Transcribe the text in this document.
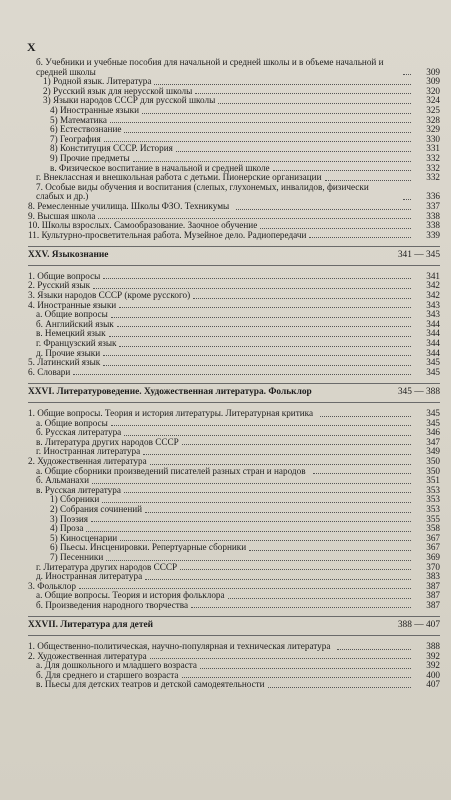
X
б. Учебники и учебные пособия для начальной и средней школы и в объеме начальной и средней школы	309
1) Родной язык. Литература	309
2) Русский язык для нерусской школы	320
3) Языки народов СССР для русской школы	324
4) Иностранные языки	325
5) Математика	328
6) Естествознание	329
7) География	330
8) Конституция СССР. История	331
9) Прочие предметы	332
в. Физическое воспитание в начальной и средней школе	332
г. Внеклассная и внешкольная работа с детьми. Пионерские организации	332
7. Особые виды обучения и воспитания (слепых, глухонемых, инвалидов, физически слабых и др.)	336
8. Ремесленные училища. Школы ФЗО. Техникумы	337
9. Высшая школа	338
10. Школы взрослых. Самообразование. Заочное обучение	338
11. Культурно-просветительная работа. Музейное дело. Радиопередачи	339
XXV. Языкознание	341 — 345
1. Общие вопросы	341
2. Русский язык	342
3. Языки народов СССР (кроме русского)	342
4. Иностранные языки	343
а. Общие вопросы	343
б. Английский язык	344
в. Немецкий язык	344
г. Французский язык	344
д. Прочие языки	344
5. Латинский язык	345
6. Словари	345
XXVI. Литературоведение. Художественная литература. Фольклор	345 — 388
1. Общие вопросы. Теория и история литературы. Литературная критика	345
а. Общие вопросы	345
б. Русская литература	346
в. Литература других народов СССР	347
г. Иностранная литература	349
2. Художественная литература	350
а. Общие сборники произведений писателей разных стран и народов	350
б. Альманахи	351
в. Русская литература	353
1) Сборники	353
2) Собрания сочинений	353
3) Поэзия	355
4) Проза	358
5) Киносценарии	367
6) Пьесы. Инсценировки. Репертуарные сборники	367
7) Песенники	369
г. Литература других народов СССР	370
д. Иностранная литература	383
3. Фольклор	387
а. Общие вопросы. Теория и история фольклора	387
б. Произведения народного творчества	387
XXVII. Литература для детей	388 — 407
1. Общественно-политическая, научно-популярная и техническая литература	388
2. Художественная литература	392
а. Для дошкольного и младшего возраста	392
б. Для среднего и старшего возраста	400
в. Пьесы для детских театров и детской самодеятельности	407
